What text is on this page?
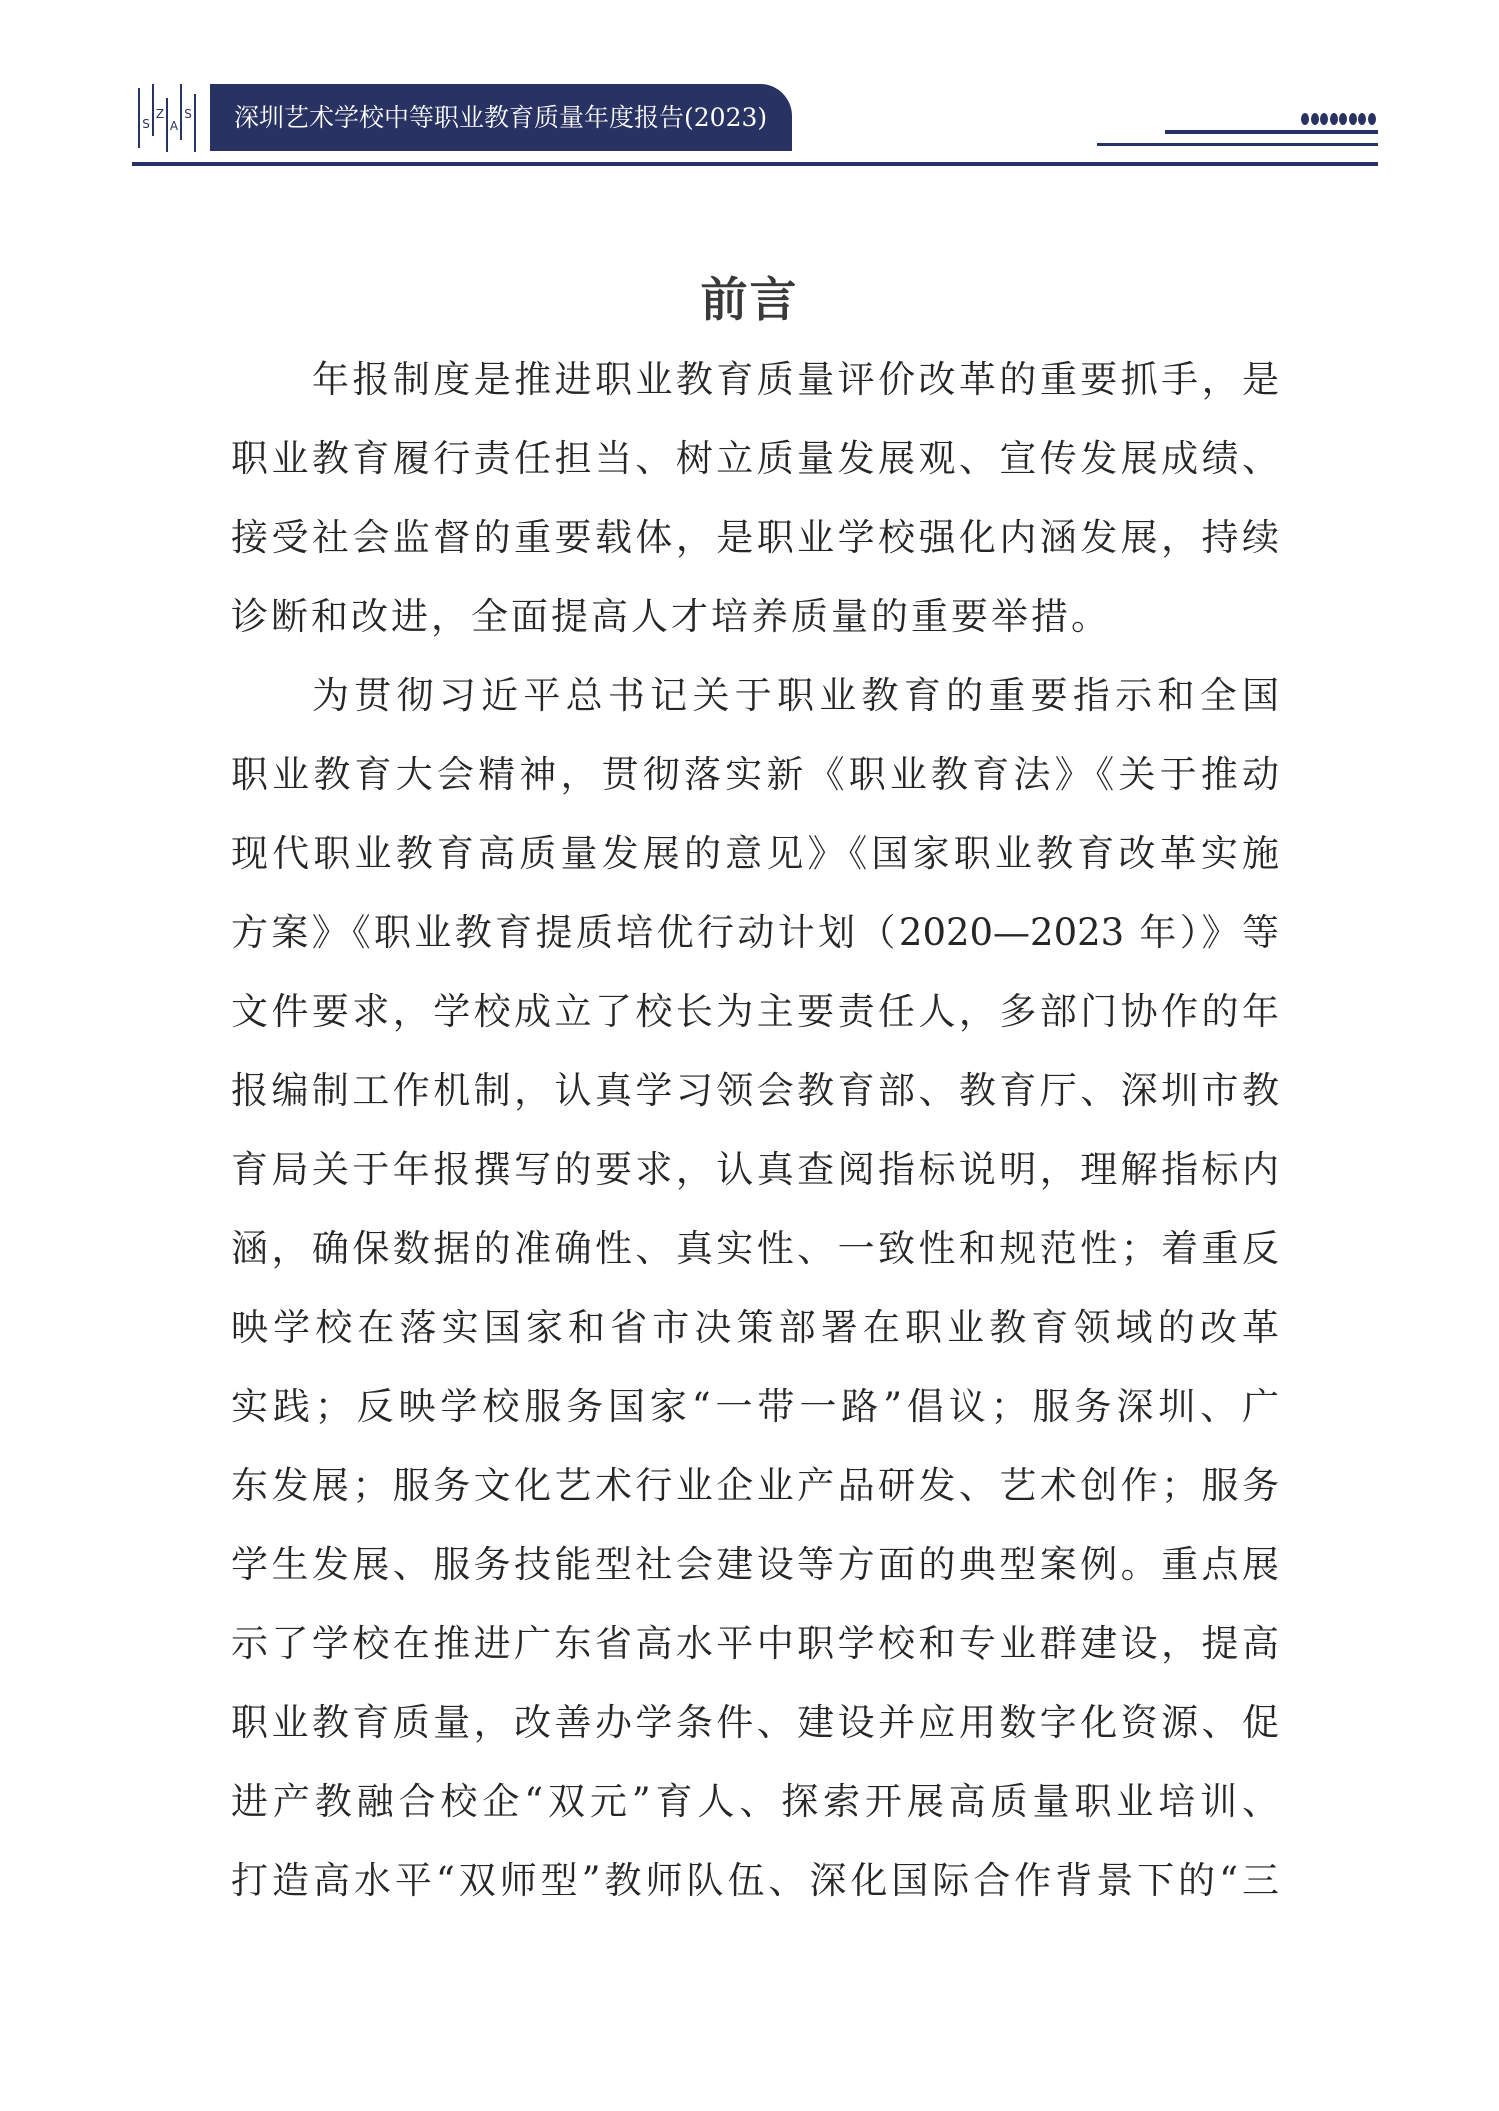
S
Z
A
S 深圳艺术学校中等职业教育质量年度报告(2023)
前言

年报制度是推进职业教育质量评价改革的重要抓手，是
职业教育履行责任担当、树立质量发展观、宣传发展成绩、
接受社会监督的重要载体，是职业学校强化内涵发展，持续
诊断和改进，全面提高人才培养质量的重要举措。

为贯彻习近平总书记关于职业教育的重要指示和全国
职业教育大会精神，贯彻落实新《职业教育法》《关于推动
现代职业教育高质量发展的意见》《国家职业教育改革实施
方案》《职业教育提质培优行动计划（2020—2023 年）》等
文件要求，学校成立了校长为主要责任人，多部门协作的年
报编制工作机制，认真学习领会教育部、教育厅、深圳市教
育局关于年报撰写的要求，认真查阅指标说明，理解指标内
涵，确保数据的准确性、真实性、一致性和规范性；着重反
映学校在落实国家和省市决策部署在职业教育领域的改革
实践；反映学校服务国家“一带一路”倡议；服务深圳、广
东发展；服务文化艺术行业企业产品研发、艺术创作；服务
学生发展、服务技能型社会建设等方面的典型案例。重点展
示了学校在推进广东省高水平中职学校和专业群建设，提高
职业教育质量，改善办学条件、建设并应用数字化资源、促
进产教融合校企“双元”育人、探索开展高质量职业培训、
打造高水平“双师型”教师队伍、深化国际合作背景下的“三
